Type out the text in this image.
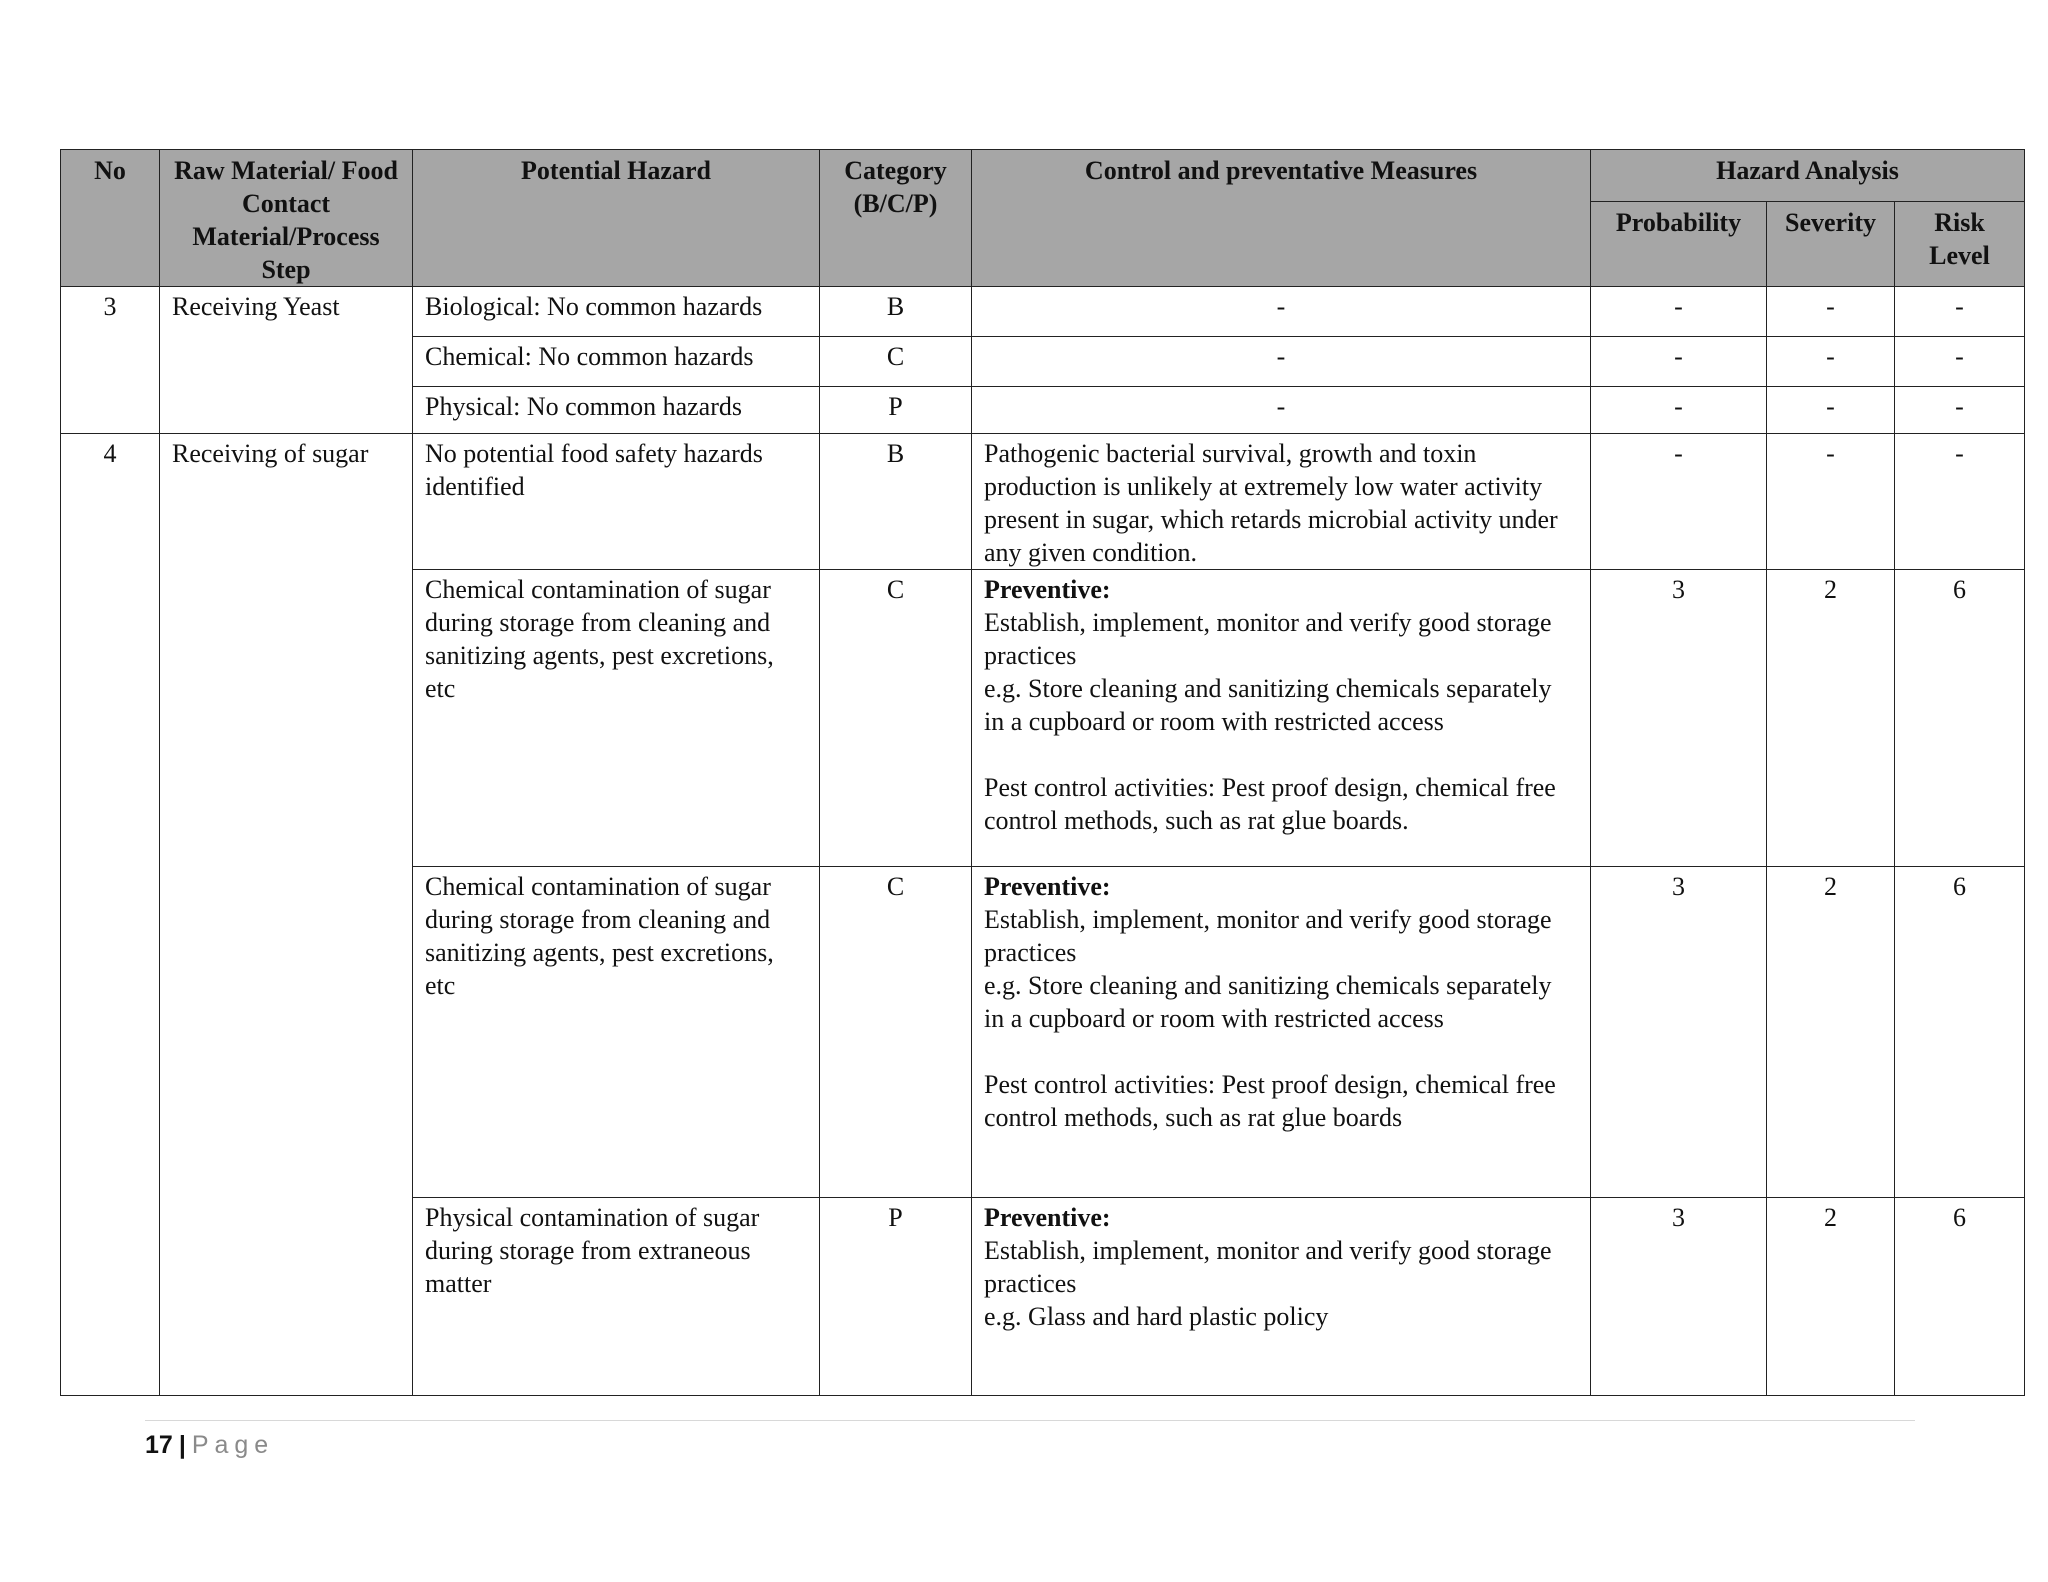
No	Raw Material/ Food Contact Material/Process Step	Potential Hazard	Category (B/C/P)	Control and preventative Measures	Hazard Analysis		
					Probability	Severity	Risk Level
3	Receiving Yeast	Biological: No common hazards	B	-	-	-	-
		Chemical: No common hazards	C	-	-	-	-
		Physical: No common hazards	P	-	-	-	-
4	Receiving of sugar	No potential food safety hazards identified	B	Pathogenic bacterial survival, growth and toxin production is unlikely at extremely low water activity present in sugar, which retards microbial activity under any given condition.	-	-	-
		Chemical contamination of sugar during storage from cleaning and sanitizing agents, pest excretions, etc	C	Preventive:
Establish, implement, monitor and verify good storage practices
e.g. Store cleaning and sanitizing chemicals separately in a cupboard or room with restricted access

Pest control activities: Pest proof design, chemical free control methods, such as rat glue boards.	3	2	6
		Chemical contamination of sugar during storage from cleaning and sanitizing agents, pest excretions, etc	C	Preventive:
Establish, implement, monitor and verify good storage practices
e.g. Store cleaning and sanitizing chemicals separately in a cupboard or room with restricted access

Pest control activities: Pest proof design, chemical free control methods, such as rat glue boards	3	2	6
		Physical contamination of sugar during storage from extraneous matter	P	Preventive:
Establish, implement, monitor and verify good storage practices
e.g. Glass and hard plastic policy	3	2	6
17 | Page
